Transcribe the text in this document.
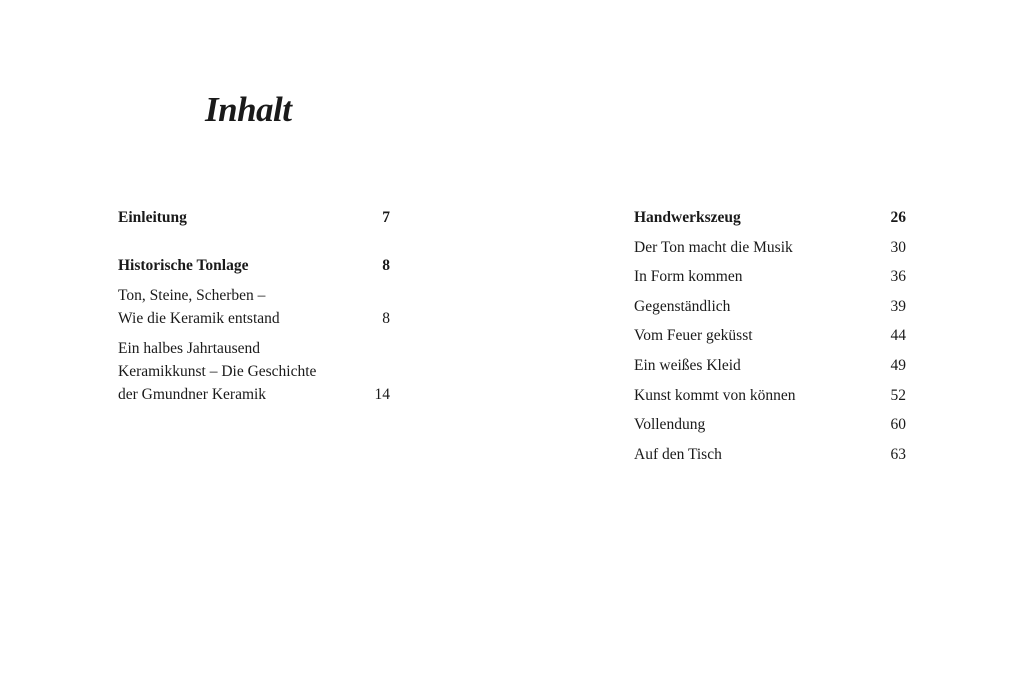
Inhalt
Einleitung	7
Historische Tonlage	8
Ton, Steine, Scherben –
Wie die Keramik entstand	8
Ein halbes Jahrtausend
Keramikkunst – Die Geschichte
der Gmundner Keramik	14
Handwerkszeug	26
Der Ton macht die Musik	30
In Form kommen	36
Gegenständlich	39
Vom Feuer geküsst	44
Ein weißes Kleid	49
Kunst kommt von können	52
Vollendung	60
Auf den Tisch	63
